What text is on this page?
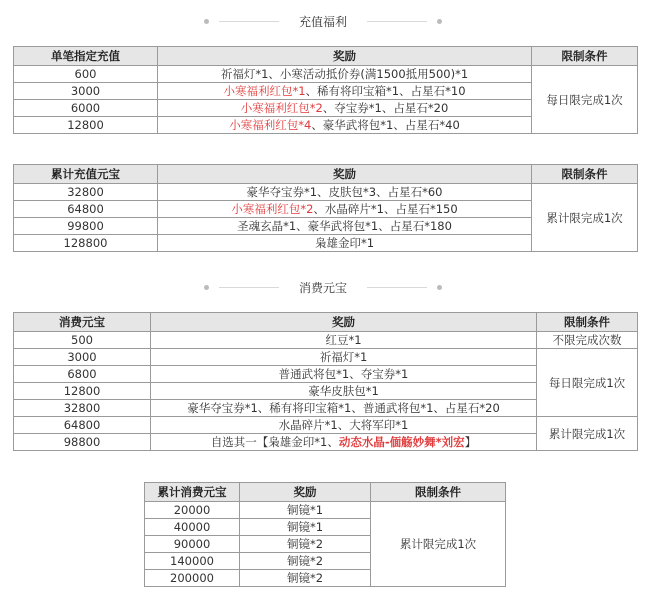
充值福利
单笔指定充值	奖励	限制条件
600	祈福灯*1、小寒活动抵价券(满1500抵用500)*1	每日限完成1次
3000	小寒福利红包*1、稀有将印宝箱*1、占星石*10	
6000	小寒福利红包*2、夺宝券*1、占星石*20	
12800	小寒福利红包*4、豪华武将包*1、占星石*40	
累计充值元宝	奖励	限制条件
32800	豪华夺宝券*1、皮肤包*3、占星石*60	累计限完成1次
64800	小寒福利红包*2、水晶碎片*1、占星石*150	
99800	圣魂玄晶*1、豪华武将包*1、占星石*180	
128800	枭雄金印*1	
消费元宝
消费元宝	奖励	限制条件
500	红豆*1	不限完成次数
3000	祈福灯*1	每日限完成1次
6800	普通武将包*1、夺宝券*1	
12800	豪华皮肤包*1	
32800	豪华夺宝券*1、稀有将印宝箱*1、普通武将包*1、占星石*20	
64800	水晶碎片*1、大将军印*1	累计限完成1次
98800	自选其一【枭雄金印*1、动态水晶-偭觞妙舞*刘宏】	
累计消费元宝	奖励	限制条件
20000	铜镜*1	累计限完成1次
40000	铜镜*1	
90000	铜镜*2	
140000	铜镜*2	
200000	铜镜*2	
